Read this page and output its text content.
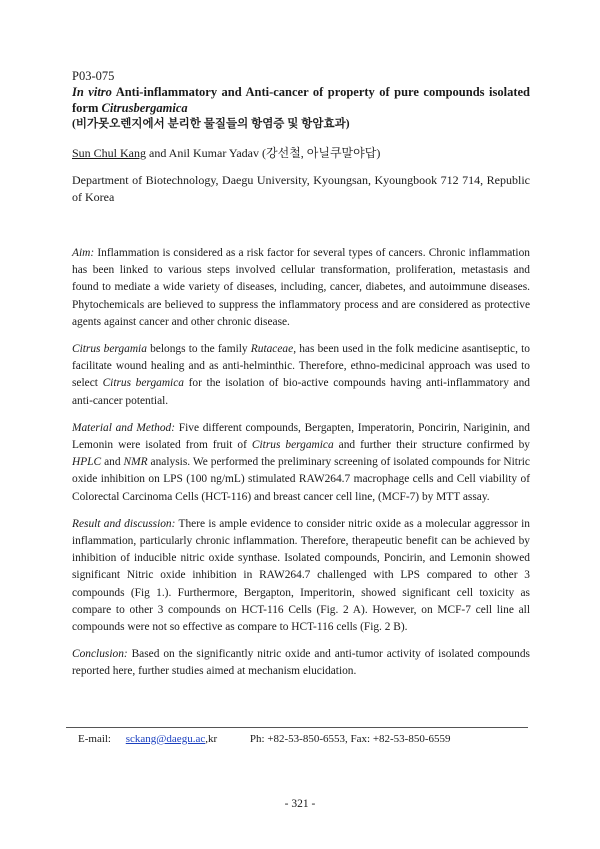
P03-075
In vitro Anti-inflammatory and Anti-cancer of property of pure compounds isolated form Citrusbergamica
(비가못오렌지에서 분리한 물질들의 항염증 및 항암효과)
Sun Chul Kang and Anil Kumar Yadav (강선철, 아닐쿠말야답)
Department of Biotechnology, Daegu University, Kyoungsan, Kyoungbook 712 714, Republic of Korea

Aim: Inflammation is considered as a risk factor for several types of cancers. Chronic inflammation has been linked to various steps involved cellular transformation, proliferation, metastasis and found to mediate a wide variety of diseases, including, cancer, diabetes, and autoimmune diseases. Phytochemicals are believed to suppress the inflammatory process and are considered as protective agents against cancer and other chronic disease.

Citrus bergamia belongs to the family Rutaceae, has been used in the folk medicine asantiseptic, to facilitate wound healing and as anti-helminthic. Therefore, ethno-medicinal approach was used to select Citrus bergamica for the isolation of bio-active compounds having anti-inflammatory and anti-cancer potential.

Material and Method: Five different compounds, Bergapten, Imperatorin, Poncirin, Nariginin, and Lemonin were isolated from fruit of Citrus bergamica and further their structure confirmed by HPLC and NMR analysis. We performed the preliminary screening of isolated compounds for Nitric oxide inhibition on LPS (100 ng/mL) stimulated RAW264.7 macrophage cells and Cell viability of Colorectal Carcinoma Cells (HCT-116) and breast cancer cell line, (MCF-7) by MTT assay.

Result and discussion: There is ample evidence to consider nitric oxide as a molecular aggressor in inflammation, particularly chronic inflammation. Therefore, therapeutic benefit can be achieved by inhibition of inducible nitric oxide synthase. Isolated compounds, Poncirin, and Lemonin showed significant Nitric oxide inhibition in RAW264.7 challenged with LPS compared to other 3 compounds (Fig 1.). Furthermore, Bergapton, Imperitorin, showed significant cell toxicity as compare to other 3 compounds on HCT-116 Cells (Fig. 2 A). However, on MCF-7 cell line all compounds were not so effective as compare to HCT-116 cells (Fig. 2 B).

Conclusion: Based on the significantly nitric oxide and anti-tumor activity of isolated compounds reported here, further studies aimed at mechanism elucidation.

E-mail: sckang@daegu.ac,kr	Ph: +82-53-850-6553, Fax: +82-53-850-6559
- 321 -
